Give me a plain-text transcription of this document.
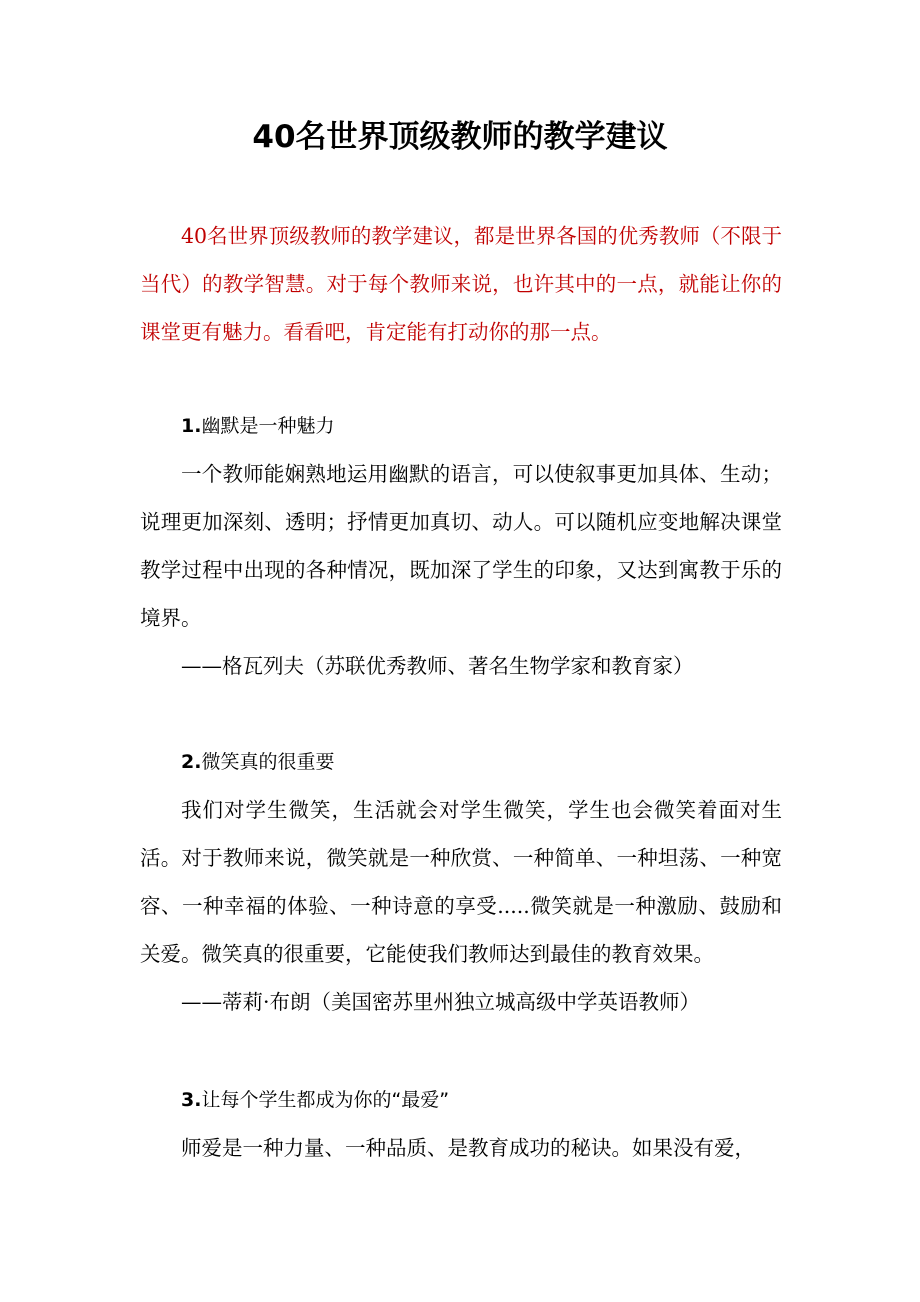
40名世界顶级教师的教学建议

40名世界顶级教师的教学建议，都是世界各国的优秀教师（不限于当代）的教学智慧。对于每个教师来说，也许其中的一点，就能让你的课堂更有魅力。看看吧，肯定能有打动你的那一点。

1.幽默是一种魅力

一个教师能娴熟地运用幽默的语言，可以使叙事更加具体、生动；说理更加深刻、透明；抒情更加真切、动人。可以随机应变地解决课堂教学过程中出现的各种情况，既加深了学生的印象，又达到寓教于乐的境界。

——格瓦列夫（苏联优秀教师、著名生物学家和教育家）

2.微笑真的很重要

我们对学生微笑，生活就会对学生微笑，学生也会微笑着面对生活。对于教师来说，微笑就是一种欣赏、一种简单、一种坦荡、一种宽容、一种幸福的体验、一种诗意的享受.....微笑就是一种激励、鼓励和关爱。微笑真的很重要，它能使我们教师达到最佳的教育效果。

——蒂莉·布朗（美国密苏里州独立城高级中学英语教师）

3.让每个学生都成为你的“最爱”

师爱是一种力量、一种品质、是教育成功的秘诀。如果没有爱，
